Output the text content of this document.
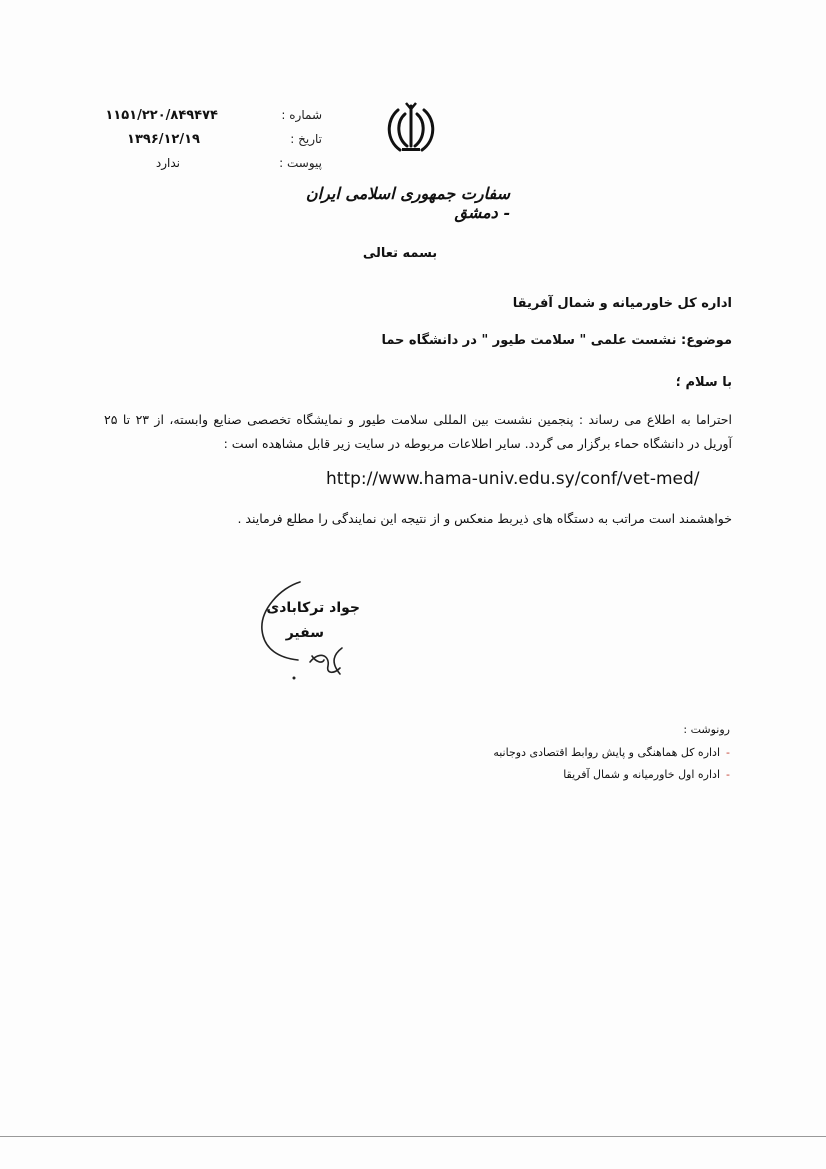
شماره :
۱۱۵۱/۲۲۰/۸۴۹۴۷۴
تاریخ :
۱۳۹۶/۱۲/۱۹
پیوست :
ندارد
سفارت جمهوری اسلامی ایران - دمشق
بسمه تعالی
اداره کل خاورمیانه و شمال آفریقا
موضوع: نشست علمی " سلامت طیور " در دانشگاه حما
با سلام ؛
احتراما به اطلاع می رساند : پنجمین نشست بین المللی سلامت طیور و نمایشگاه تخصصی صنایع وابسته، از ۲۳ تا ۲۵ آوریل در دانشگاه حماء برگزار می گردد. سایر اطلاعات مربوطه در سایت زیر قابل مشاهده است :
http://www.hama-univ.edu.sy/conf/vet-med/
خواهشمند است مراتب به دستگاه های ذیربط منعکس و از نتیجه این نمایندگی را مطلع فرمایند .
جواد ترکابادی
سفیر
رونوشت :
-اداره کل هماهنگی و پایش روابط اقتصادی دوجانبه
-اداره اول خاورمیانه و شمال آفریقا
